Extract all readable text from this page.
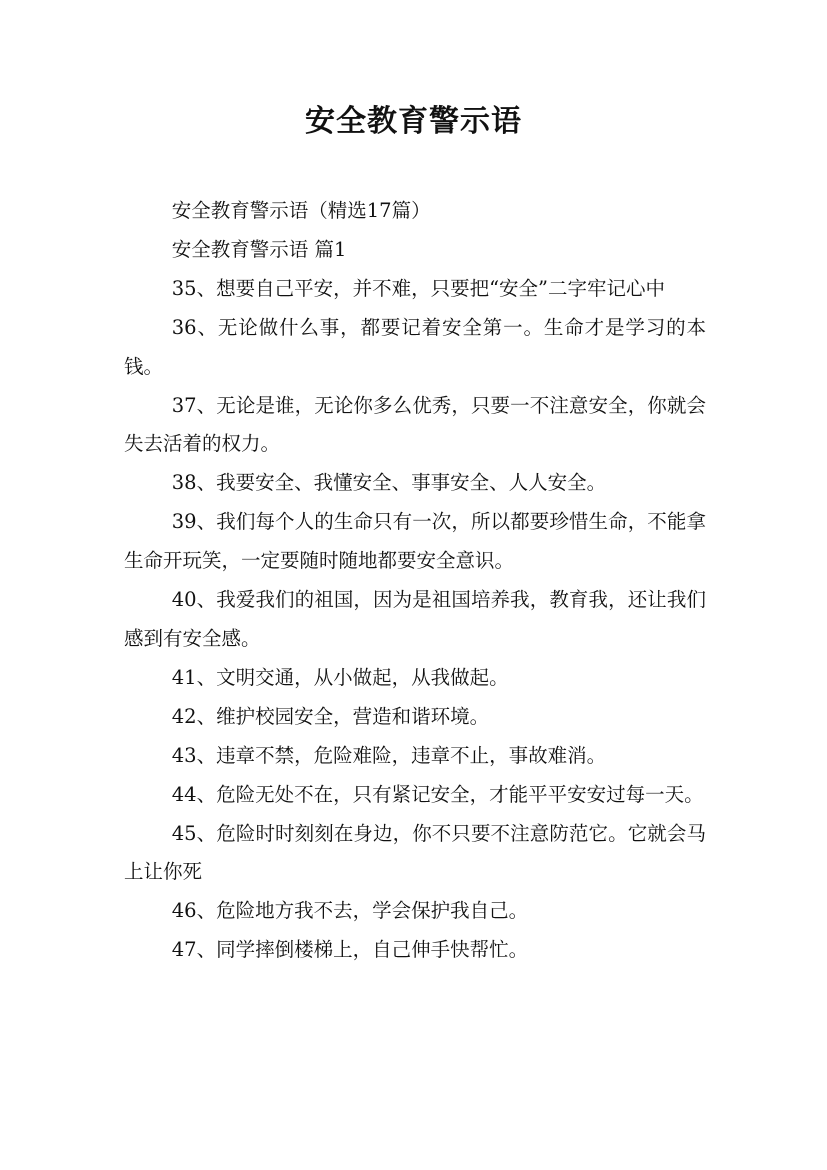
安全教育警示语

安全教育警示语（精选17篇）

安全教育警示语 篇1

35、想要自己平安，并不难，只要把“安全”二字牢记心中

36、无论做什么事，都要记着安全第一。生命才是学习的本钱。

37、无论是谁，无论你多么优秀，只要一不注意安全，你就会失去活着的权力。

38、我要安全、我懂安全、事事安全、人人安全。

39、我们每个人的生命只有一次，所以都要珍惜生命，不能拿生命开玩笑，一定要随时随地都要安全意识。

40、我爱我们的祖国，因为是祖国培养我，教育我，还让我们感到有安全感。

41、文明交通，从小做起，从我做起。

42、维护校园安全，营造和谐环境。

43、违章不禁，危险难险，违章不止，事故难消。

44、危险无处不在，只有紧记安全，才能平平安安过每一天。

45、危险时时刻刻在身边，你不只要不注意防范它。它就会马上让你死

46、危险地方我不去，学会保护我自己。

47、同学摔倒楼梯上，自己伸手快帮忙。
